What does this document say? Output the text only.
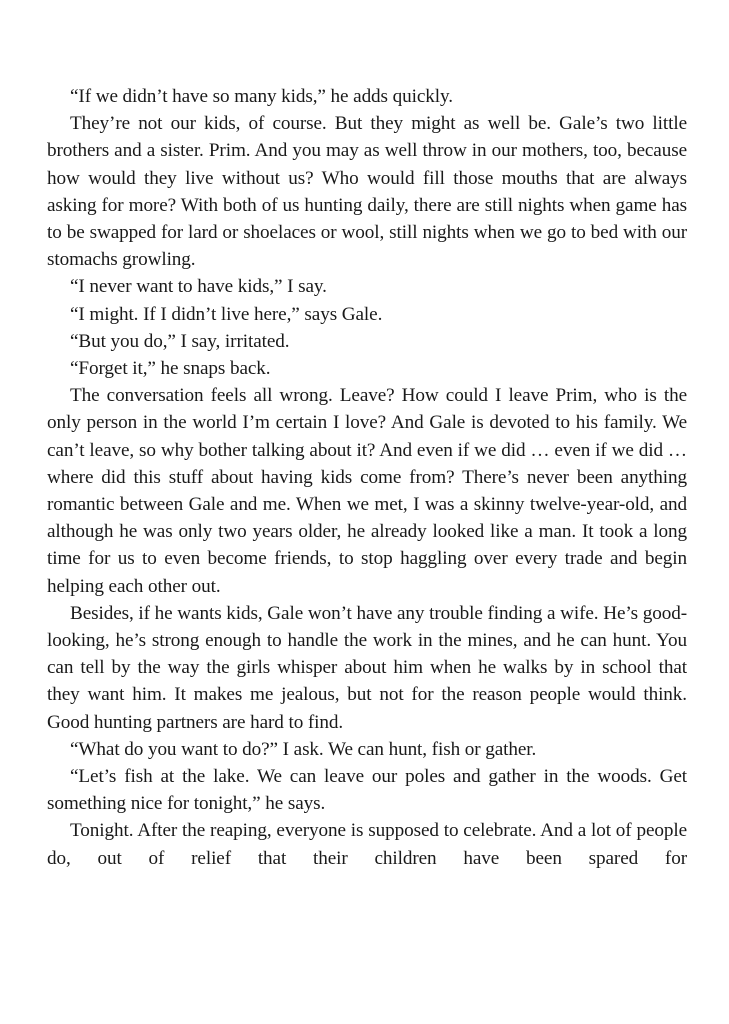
“If we didn’t have so many kids,” he adds quickly.

They’re not our kids, of course. But they might as well be. Gale’s two little brothers and a sister. Prim. And you may as well throw in our mothers, too, because how would they live without us? Who would fill those mouths that are always asking for more? With both of us hunting daily, there are still nights when game has to be swapped for lard or shoelaces or wool, still nights when we go to bed with our stomachs growling.

“I never want to have kids,” I say.

“I might. If I didn’t live here,” says Gale.

“But you do,” I say, irritated.

“Forget it,” he snaps back.

The conversation feels all wrong. Leave? How could I leave Prim, who is the only person in the world I’m certain I love? And Gale is devoted to his family. We can’t leave, so why bother talking about it? And even if we did … even if we did … where did this stuff about having kids come from? There’s never been anything romantic between Gale and me. When we met, I was a skinny twelve-year-old, and although he was only two years older, he already looked like a man. It took a long time for us to even become friends, to stop haggling over every trade and begin helping each other out.

Besides, if he wants kids, Gale won’t have any trouble finding a wife. He’s good-looking, he’s strong enough to handle the work in the mines, and he can hunt. You can tell by the way the girls whisper about him when he walks by in school that they want him. It makes me jealous, but not for the reason people would think. Good hunting partners are hard to find.

“What do you want to do?” I ask. We can hunt, fish or gather.

“Let’s fish at the lake. We can leave our poles and gather in the woods. Get something nice for tonight,” he says.

Tonight. After the reaping, everyone is supposed to celebrate. And a lot of people do, out of relief that their children have been spared for
